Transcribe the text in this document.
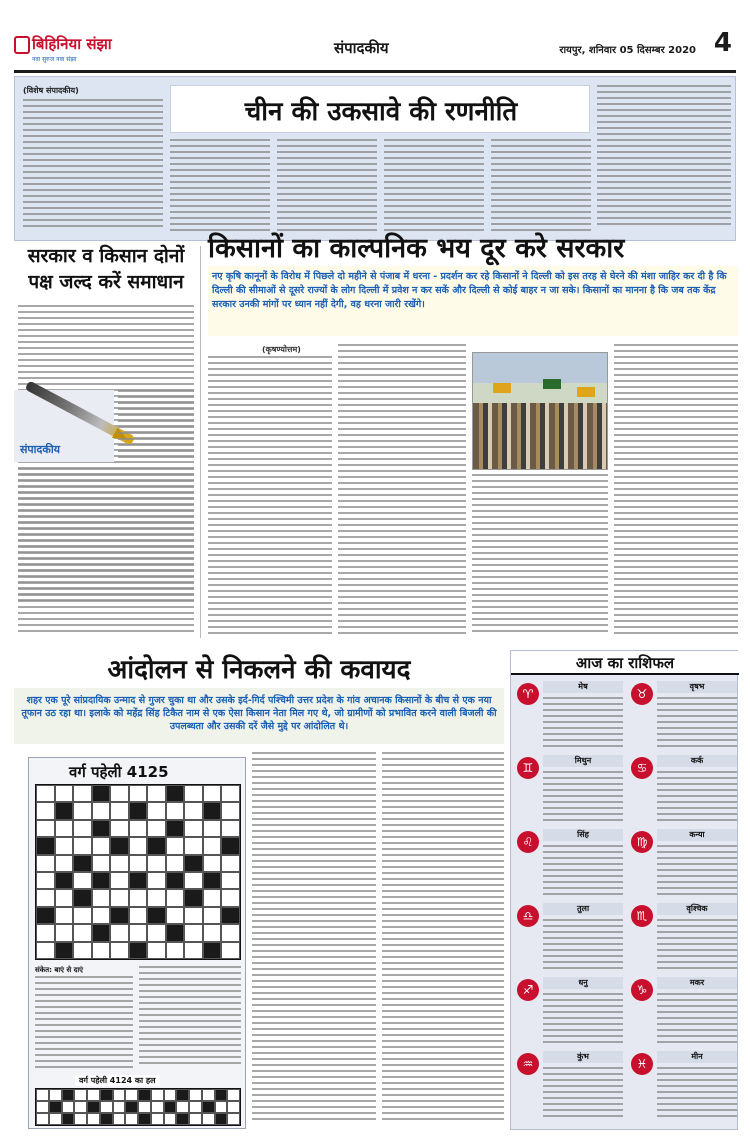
बिहिनिया संझा
नवा सुरुज नवा संझा
संपादकीय	रायपुर, शनिवार 05 दिसम्बर 2020 4
(विशेष संपादकीय)
चीन की उकसावे की रणनीति
सरकार व किसान दोनों पक्ष जल्द करें समाधान
संपादकीय
किसानों का काल्पनिक भय दूर करे सरकार
नए कृषि कानूनों के विरोध में पिछले दो महीने से पंजाब में धरना - प्रदर्शन कर रहे किसानों ने दिल्ली को इस तरह से घेरने की मंशा जाहिर कर दी है कि दिल्ली की सीमाओं से दूसरे राज्यों के लोग दिल्ली में प्रवेश न कर सकें और दिल्ली से कोई बाहर न जा सके। किसानों का मानना है कि जब तक केंद्र सरकार उनकी मांगों पर ध्यान नहीं देगी, वह धरना जारी रखेंगे।
(कृषण्योत्तम)
आंदोलन से निकलने की कवायद
शहर एक पूरे सांप्रदायिक उन्माद से गुजर चुका था और उसके इर्द-गिर्द पश्चिमी उत्तर प्रदेश के गांव अचानक किसानों के बीच से एक नया तूफान उठ रहा था। इलाके को महेंद्र सिंह टिकैत नाम से एक ऐसा किसान नेता मिल गए थे, जो ग्रामीणों को प्रभावित करने वाली बिजली की उपलब्धता और उसकी दरें जैसे मुद्दे पर आंदोलित थे।
वर्ग पहेली 4125
संकेत: बाएं से दाएं
वर्ग पहेली 4124 का हल
आज का राशिफल
♈
मेष
♉
वृषभ
♊
मिथुन
♋
कर्क
♌
सिंह
♍
कन्या
♎
तुला
♏
वृश्चिक
♐
धनु
♑
मकर
♒
कुंभ
♓
मीन
